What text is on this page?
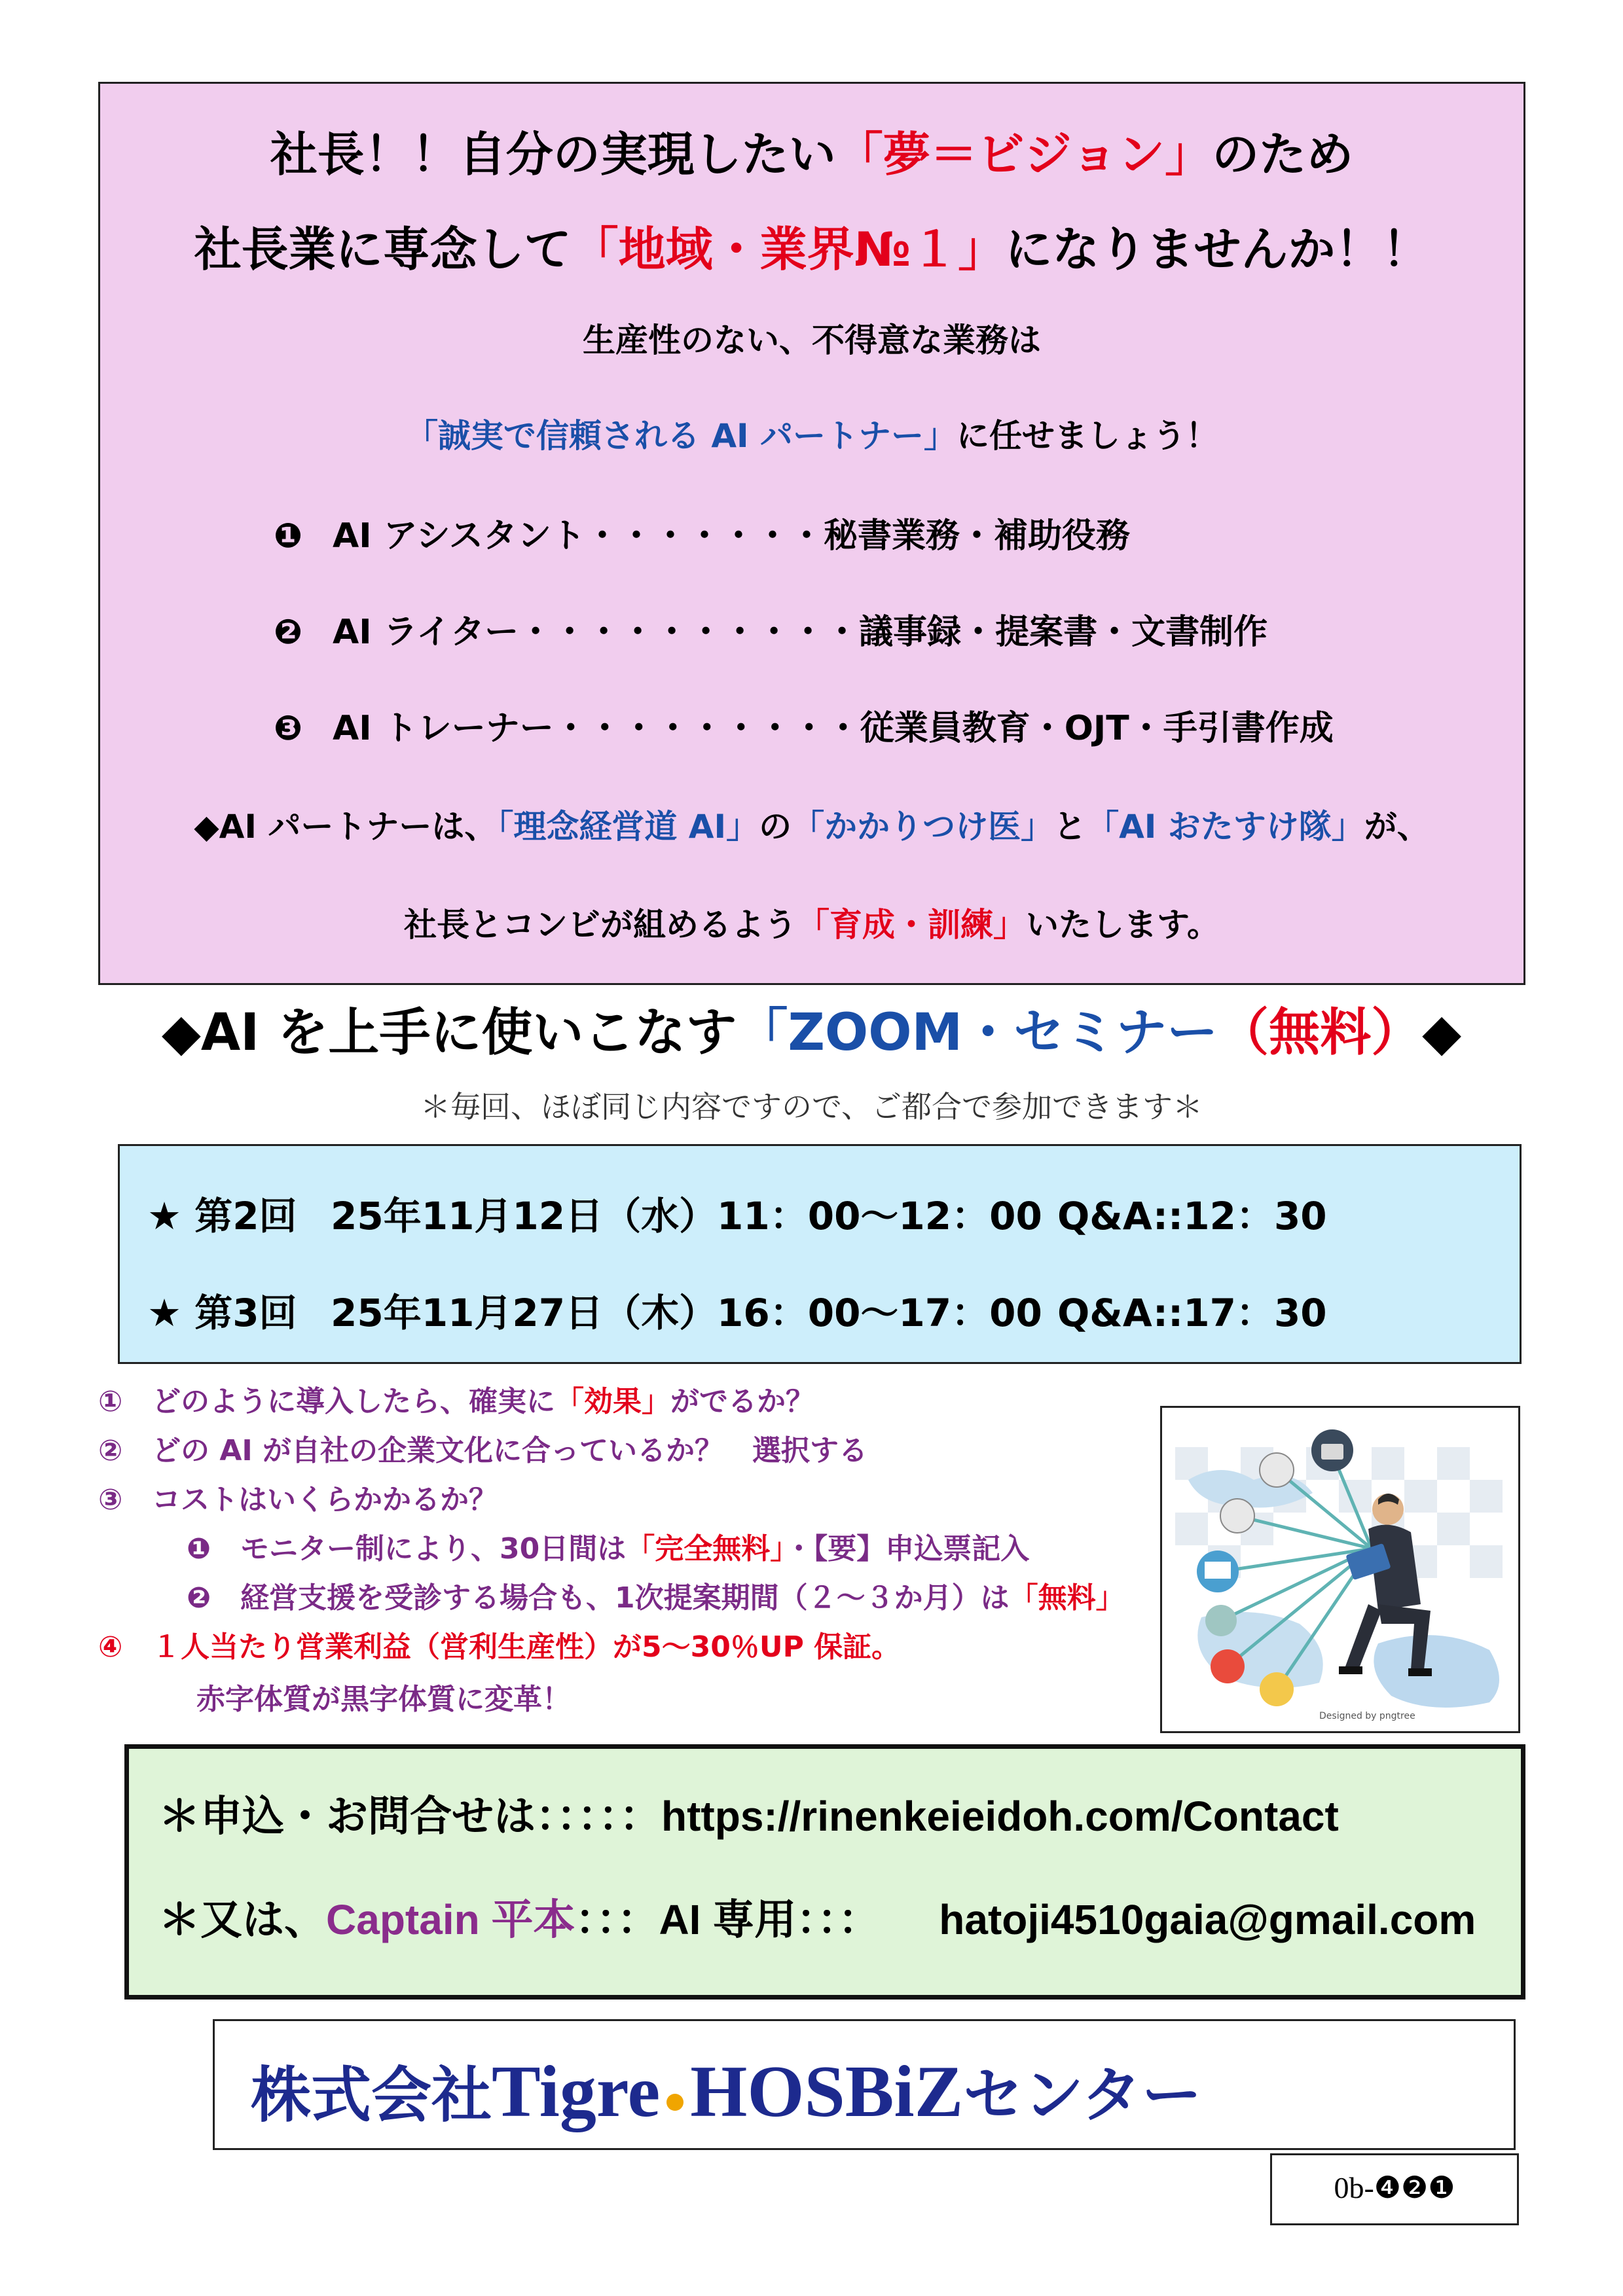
社長！！自分の実現したい「夢＝ビジョン」のため
社長業に専念して「地域・業界№１」になりませんか！！
生産性のない、不得意な業務は
「誠実で信頼される AI パートナー」に任せましょう！
❶ AI アシスタント・・・・・・・秘書業務・補助役務
❷ AI ライター・・・・・・・・・・議事録・提案書・文書制作
❸ AI トレーナー・・・・・・・・・従業員教育・OJT・手引書作成
◆AI パートナーは、「理念経営道 AI」の「かかりつけ医」と「AI おたすけ隊」が、
社長とコンビが組めるよう「育成・訓練」いたします。
◆AI を上手に使いこなす「ZOOM・セミナー（無料）◆
＊毎回、ほぼ同じ内容ですので、ご都合で参加できます＊
★ 第2回 25年11月12日（水）11：00～12：00 Q&A::12：30
★ 第3回 25年11月27日（木）16：00～17：00 Q&A::17：30
① どのように導入したら、確実に「効果」がでるか？
② どの AI が自社の企業文化に合っているか？　選択する
③ コストはいくらかかるか？
❶ モニター制により、30日間は「完全無料」・【要】申込票記入
❷ 経営支援を受診する場合も、1次提案期間（２～３か月）は「無料」
④ １人当たり営業利益（営利生産性）が5～30％UP 保証。
赤字体質が黒字体質に変革！	Designed by pngtree
＊申込・お問合せは：：：：：https://rinenkeieidoh.com/Contact
＊又は、Captain 平本：：：AI 専用：：： hatoji4510gaia@gmail.com
株式会社Tigre HOSBiZセンター
0b-❹❷❶
